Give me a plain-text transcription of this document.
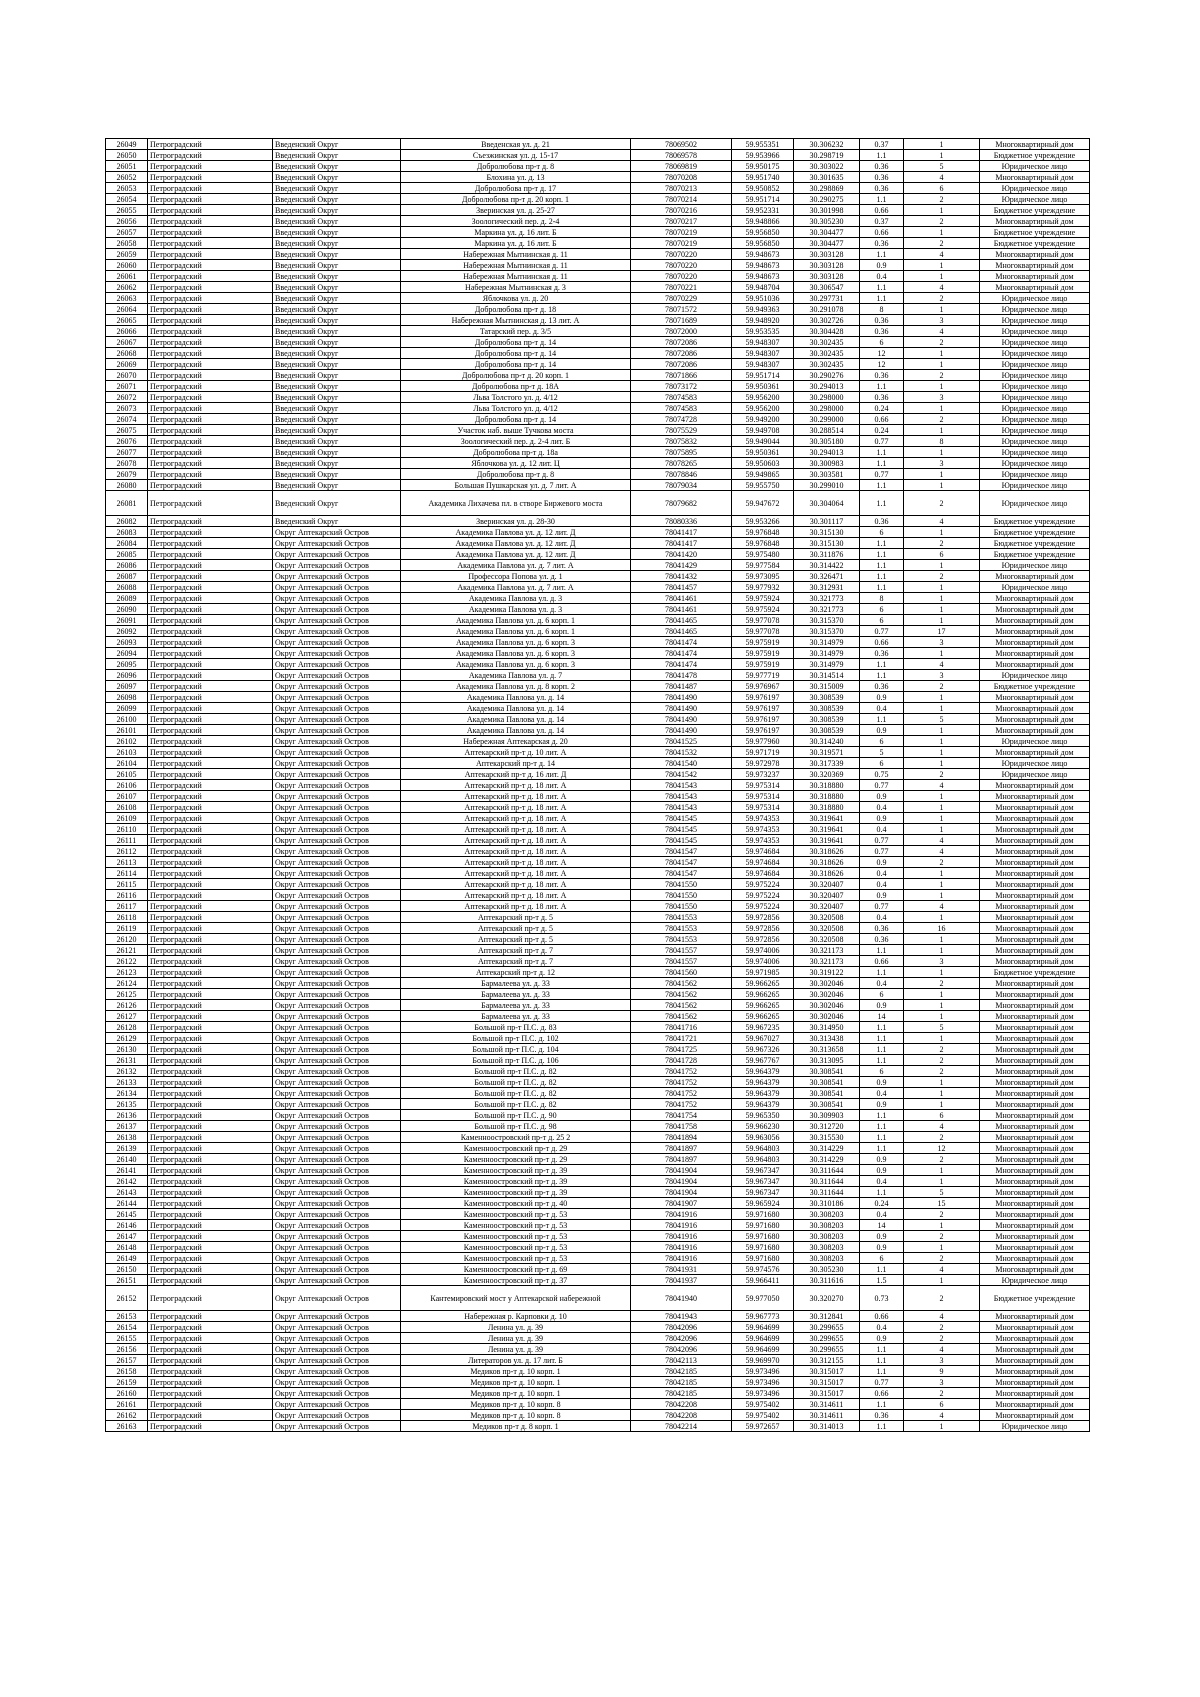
26049	Петроградский	Введенский Округ	Введенская ул. д. 21	78069502	59.955351	30.306232	0.37	1	Многоквартирный дом
26050	Петроградский	Введенский Округ	Съезжинская ул. д. 15-17	78069578	59.953966	30.298719	1.1	1	Бюджетное учреждение
26051	Петроградский	Введенский Округ	Добролюбова пр-т д. 8	78069819	59.950175	30.303022	0.36	5	Юридическое лицо
26052	Петроградский	Введенский Округ	Блохина ул. д. 13	78070208	59.951740	30.301635	0.36	4	Многоквартирный дом
26053	Петроградский	Введенский Округ	Добролюбова пр-т д. 17	78070213	59.950852	30.298869	0.36	6	Юридическое лицо
26054	Петроградский	Введенский Округ	Добролюбова пр-т д. 20 корп. 1	78070214	59.951714	30.290275	1.1	2	Юридическое лицо
26055	Петроградский	Введенский Округ	Зверинская ул. д. 25-27	78070216	59.952331	30.301998	0.66	1	Бюджетное учреждение
26056	Петроградский	Введенский Округ	Зоологический пер. д. 2-4	78070217	59.948866	30.305230	0.37	2	Многоквартирный дом
26057	Петроградский	Введенский Округ	Маркина ул. д. 16 лит. Б	78070219	59.956850	30.304477	0.66	1	Бюджетное учреждение
26058	Петроградский	Введенский Округ	Маркина ул. д. 16 лит. Б	78070219	59.956850	30.304477	0.36	2	Бюджетное учреждение
26059	Петроградский	Введенский Округ	Набережная Мытнинская д. 11	78070220	59.948673	30.303128	1.1	4	Многоквартирный дом
26060	Петроградский	Введенский Округ	Набережная Мытнинская д. 11	78070220	59.948673	30.303128	0.9	1	Многоквартирный дом
26061	Петроградский	Введенский Округ	Набережная Мытнинская д. 11	78070220	59.948673	30.303128	0.4	1	Многоквартирный дом
26062	Петроградский	Введенский Округ	Набережная Мытнинская д. 3	78070221	59.948704	30.306547	1.1	4	Многоквартирный дом
26063	Петроградский	Введенский Округ	Яблочкова ул. д. 20	78070229	59.951036	30.297731	1.1	2	Юридическое лицо
26064	Петроградский	Введенский Округ	Добролюбова пр-т д. 18	78071572	59.949363	30.291078	8	1	Юридическое лицо
26065	Петроградский	Введенский Округ	Набережная Мытнинская д. 13 лит. А	78071689	59.948920	30.302726	0.36	3	Юридическое лицо
26066	Петроградский	Введенский Округ	Татарский пер. д. 3/5	78072000	59.953535	30.304428	0.36	4	Юридическое лицо
26067	Петроградский	Введенский Округ	Добролюбова пр-т д. 14	78072086	59.948307	30.302435	6	2	Юридическое лицо
26068	Петроградский	Введенский Округ	Добролюбова пр-т д. 14	78072086	59.948307	30.302435	12	1	Юридическое лицо
26069	Петроградский	Введенский Округ	Добролюбова пр-т д. 14	78072086	59.948307	30.302435	12	1	Юридическое лицо
26070	Петроградский	Введенский Округ	Добролюбова пр-т д. 20 корп. 1	78071866	59.951714	30.290276	0.36	2	Юридическое лицо
26071	Петроградский	Введенский Округ	Добролюбова пр-т д. 18А	78073172	59.950361	30.294013	1.1	1	Юридическое лицо
26072	Петроградский	Введенский Округ	Льва Толстого ул. д. 4/12	78074583	59.956200	30.298000	0.36	3	Юридическое лицо
26073	Петроградский	Введенский Округ	Льва Толстого ул. д. 4/12	78074583	59.956200	30.298000	0.24	1	Юридическое лицо
26074	Петроградский	Введенский Округ	Добролюбова пр-т д. 14	78074728	59.949200	30.299000	0.66	2	Юридическое лицо
26075	Петроградский	Введенский Округ	Участок наб. выше Тучкова моста	78075529	59.949708	30.288514	0.24	1	Юридическое лицо
26076	Петроградский	Введенский Округ	Зоологический пер. д. 2-4 лит. Б	78075832	59.949044	30.305180	0.77	8	Юридическое лицо
26077	Петроградский	Введенский Округ	Добролюбова пр-т д. 18а	78075895	59.950361	30.294013	1.1	1	Юридическое лицо
26078	Петроградский	Введенский Округ	Яблочкова ул. д. 12 лит. Ц	78078265	59.950603	30.300983	1.1	3	Юридическое лицо
26079	Петроградский	Введенский Округ	Добролюбова пр-т д. 8	78078846	59.949865	30.303581	0.77	1	Юридическое лицо
26080	Петроградский	Введенский Округ	Большая Пушкарская ул. д. 7 лит. А	78079034	59.955750	30.299010	1.1	1	Юридическое лицо
26081	Петроградский	Введенский Округ	Академика Лихачева пл. в створе Биржевого моста	78079682	59.947672	30.304064	1.1	2	Юридическое лицо
26082	Петроградский	Введенский Округ	Зверинская ул. д. 28-30	78080336	59.953266	30.301117	0.36	4	Бюджетное учреждение
26083	Петроградский	Округ Аптекарский Остров	Академика Павлова ул. д. 12 лит. Д	78041417	59.976848	30.315130	6	1	Бюджетное учреждение
26084	Петроградский	Округ Аптекарский Остров	Академика Павлова ул. д. 12 лит. Д	78041417	59.976848	30.315130	1.1	2	Бюджетное учреждение
26085	Петроградский	Округ Аптекарский Остров	Академика Павлова ул. д. 12 лит. Д	78041420	59.975480	30.311876	1.1	6	Бюджетное учреждение
26086	Петроградский	Округ Аптекарский Остров	Академика Павлова ул. д. 7 лит. А	78041429	59.977584	30.314422	1.1	1	Юридическое лицо
26087	Петроградский	Округ Аптекарский Остров	Профессора Попова ул. д. 1	78041432	59.973095	30.326471	1.1	2	Многоквартирный дом
26088	Петроградский	Округ Аптекарский Остров	Академика Павлова ул. д. 7 лит. А	78041457	59.977932	30.312931	1.1	1	Юридическое лицо
26089	Петроградский	Округ Аптекарский Остров	Академика Павлова ул. д. 3	78041461	59.975924	30.321773	8	1	Многоквартирный дом
26090	Петроградский	Округ Аптекарский Остров	Академика Павлова ул. д. 3	78041461	59.975924	30.321773	6	1	Многоквартирный дом
26091	Петроградский	Округ Аптекарский Остров	Академика Павлова ул. д. 6 корп. 1	78041465	59.977078	30.315370	6	1	Многоквартирный дом
26092	Петроградский	Округ Аптекарский Остров	Академика Павлова ул. д. 6 корп. 1	78041465	59.977078	30.315370	0.77	17	Многоквартирный дом
26093	Петроградский	Округ Аптекарский Остров	Академика Павлова ул. д. 6 корп. 3	78041474	59.975919	30.314979	0.66	3	Многоквартирный дом
26094	Петроградский	Округ Аптекарский Остров	Академика Павлова ул. д. 6 корп. 3	78041474	59.975919	30.314979	0.36	1	Многоквартирный дом
26095	Петроградский	Округ Аптекарский Остров	Академика Павлова ул. д. 6 корп. 3	78041474	59.975919	30.314979	1.1	4	Многоквартирный дом
26096	Петроградский	Округ Аптекарский Остров	Академика Павлова ул. д. 7	78041478	59.977719	30.314514	1.1	3	Юридическое лицо
26097	Петроградский	Округ Аптекарский Остров	Академика Павлова ул. д. 8 корп. 2	78041487	59.976967	30.315009	0.36	2	Бюджетное учреждение
26098	Петроградский	Округ Аптекарский Остров	Академика Павлова ул. д. 14	78041490	59.976197	30.308539	0.9	1	Многоквартирный дом
26099	Петроградский	Округ Аптекарский Остров	Академика Павлова ул. д. 14	78041490	59.976197	30.308539	0.4	1	Многоквартирный дом
26100	Петроградский	Округ Аптекарский Остров	Академика Павлова ул. д. 14	78041490	59.976197	30.308539	1.1	5	Многоквартирный дом
26101	Петроградский	Округ Аптекарский Остров	Академика Павлова ул. д. 14	78041490	59.976197	30.308539	0.9	1	Многоквартирный дом
26102	Петроградский	Округ Аптекарский Остров	Набережная Аптекарская д. 20	78041525	59.977960	30.314240	6	1	Юридическое лицо
26103	Петроградский	Округ Аптекарский Остров	Аптекарский пр-т д. 10 лит. А	78041532	59.971719	30.319571	5	1	Многоквартирный дом
26104	Петроградский	Округ Аптекарский Остров	Аптекарский пр-т д. 14	78041540	59.972978	30.317339	6	1	Юридическое лицо
26105	Петроградский	Округ Аптекарский Остров	Аптекарский пр-т д. 16 лит. Д	78041542	59.973237	30.320369	0.75	2	Юридическое лицо
26106	Петроградский	Округ Аптекарский Остров	Аптекарский пр-т д. 18 лит. А	78041543	59.975314	30.318880	0.77	4	Многоквартирный дом
26107	Петроградский	Округ Аптекарский Остров	Аптекарский пр-т д. 18 лит. А	78041543	59.975314	30.318880	0.9	1	Многоквартирный дом
26108	Петроградский	Округ Аптекарский Остров	Аптекарский пр-т д. 18 лит. А	78041543	59.975314	30.318880	0.4	1	Многоквартирный дом
26109	Петроградский	Округ Аптекарский Остров	Аптекарский пр-т д. 18 лит. А	78041545	59.974353	30.319641	0.9	1	Многоквартирный дом
26110	Петроградский	Округ Аптекарский Остров	Аптекарский пр-т д. 18 лит. А	78041545	59.974353	30.319641	0.4	1	Многоквартирный дом
26111	Петроградский	Округ Аптекарский Остров	Аптекарский пр-т д. 18 лит. А	78041545	59.974353	30.319641	0.77	4	Многоквартирный дом
26112	Петроградский	Округ Аптекарский Остров	Аптекарский пр-т д. 18 лит. А	78041547	59.974684	30.318626	0.77	4	Многоквартирный дом
26113	Петроградский	Округ Аптекарский Остров	Аптекарский пр-т д. 18 лит. А	78041547	59.974684	30.318626	0.9	2	Многоквартирный дом
26114	Петроградский	Округ Аптекарский Остров	Аптекарский пр-т д. 18 лит. А	78041547	59.974684	30.318626	0.4	1	Многоквартирный дом
26115	Петроградский	Округ Аптекарский Остров	Аптекарский пр-т д. 18 лит. А	78041550	59.975224	30.320407	0.4	1	Многоквартирный дом
26116	Петроградский	Округ Аптекарский Остров	Аптекарский пр-т д. 18 лит. А	78041550	59.975224	30.320407	0.9	1	Многоквартирный дом
26117	Петроградский	Округ Аптекарский Остров	Аптекарский пр-т д. 18 лит. А	78041550	59.975224	30.320407	0.77	4	Многоквартирный дом
26118	Петроградский	Округ Аптекарский Остров	Аптекарский пр-т д. 5	78041553	59.972856	30.320508	0.4	1	Многоквартирный дом
26119	Петроградский	Округ Аптекарский Остров	Аптекарский пр-т д. 5	78041553	59.972856	30.320508	0.36	16	Многоквартирный дом
26120	Петроградский	Округ Аптекарский Остров	Аптекарский пр-т д. 5	78041553	59.972856	30.320508	0.36	1	Многоквартирный дом
26121	Петроградский	Округ Аптекарский Остров	Аптекарский пр-т д. 7	78041557	59.974006	30.321173	1.1	1	Многоквартирный дом
26122	Петроградский	Округ Аптекарский Остров	Аптекарский пр-т д. 7	78041557	59.974006	30.321173	0.66	3	Многоквартирный дом
26123	Петроградский	Округ Аптекарский Остров	Аптекарский пр-т д. 12	78041560	59.971985	30.319122	1.1	1	Бюджетное учреждение
26124	Петроградский	Округ Аптекарский Остров	Бармалеева ул. д. 33	78041562	59.966265	30.302046	0.4	2	Многоквартирный дом
26125	Петроградский	Округ Аптекарский Остров	Бармалеева ул. д. 33	78041562	59.966265	30.302046	6	1	Многоквартирный дом
26126	Петроградский	Округ Аптекарский Остров	Бармалеева ул. д. 33	78041562	59.966265	30.302046	0.9	1	Многоквартирный дом
26127	Петроградский	Округ Аптекарский Остров	Бармалеева ул. д. 33	78041562	59.966265	30.302046	14	1	Многоквартирный дом
26128	Петроградский	Округ Аптекарский Остров	Большой пр-т П.С. д. 83	78041716	59.967235	30.314950	1.1	5	Многоквартирный дом
26129	Петроградский	Округ Аптекарский Остров	Большой пр-т П.С. д. 102	78041721	59.967027	30.313438	1.1	1	Многоквартирный дом
26130	Петроградский	Округ Аптекарский Остров	Большой пр-т П.С. д. 104	78041725	59.967326	30.313658	1.1	2	Многоквартирный дом
26131	Петроградский	Округ Аптекарский Остров	Большой пр-т П.С. д. 106	78041728	59.967767	30.313095	1.1	2	Многоквартирный дом
26132	Петроградский	Округ Аптекарский Остров	Большой пр-т П.С. д. 82	78041752	59.964379	30.308541	6	2	Многоквартирный дом
26133	Петроградский	Округ Аптекарский Остров	Большой пр-т П.С. д. 82	78041752	59.964379	30.308541	0.9	1	Многоквартирный дом
26134	Петроградский	Округ Аптекарский Остров	Большой пр-т П.С. д. 82	78041752	59.964379	30.308541	0.4	1	Многоквартирный дом
26135	Петроградский	Округ Аптекарский Остров	Большой пр-т П.С. д. 82	78041752	59.964379	30.308541	0.9	1	Многоквартирный дом
26136	Петроградский	Округ Аптекарский Остров	Большой пр-т П.С. д. 90	78041754	59.965350	30.309903	1.1	6	Многоквартирный дом
26137	Петроградский	Округ Аптекарский Остров	Большой пр-т П.С. д. 98	78041758	59.966230	30.312720	1.1	4	Многоквартирный дом
26138	Петроградский	Округ Аптекарский Остров	Каменноостровский пр-т д. 25 2	78041894	59.963056	30.315530	1.1	2	Многоквартирный дом
26139	Петроградский	Округ Аптекарский Остров	Каменноостровский пр-т д. 29	78041897	59.964803	30.314229	1.1	12	Многоквартирный дом
26140	Петроградский	Округ Аптекарский Остров	Каменноостровский пр-т д. 29	78041897	59.964803	30.314229	0.9	2	Многоквартирный дом
26141	Петроградский	Округ Аптекарский Остров	Каменноостровский пр-т д. 39	78041904	59.967347	30.311644	0.9	1	Многоквартирный дом
26142	Петроградский	Округ Аптекарский Остров	Каменноостровский пр-т д. 39	78041904	59.967347	30.311644	0.4	1	Многоквартирный дом
26143	Петроградский	Округ Аптекарский Остров	Каменноостровский пр-т д. 39	78041904	59.967347	30.311644	1.1	5	Многоквартирный дом
26144	Петроградский	Округ Аптекарский Остров	Каменноостровский пр-т д. 40	78041907	59.965924	30.310186	0.24	15	Многоквартирный дом
26145	Петроградский	Округ Аптекарский Остров	Каменноостровский пр-т д. 53	78041916	59.971680	30.308203	0.4	2	Многоквартирный дом
26146	Петроградский	Округ Аптекарский Остров	Каменноостровский пр-т д. 53	78041916	59.971680	30.308203	14	1	Многоквартирный дом
26147	Петроградский	Округ Аптекарский Остров	Каменноостровский пр-т д. 53	78041916	59.971680	30.308203	0.9	2	Многоквартирный дом
26148	Петроградский	Округ Аптекарский Остров	Каменноостровский пр-т д. 53	78041916	59.971680	30.308203	0.9	1	Многоквартирный дом
26149	Петроградский	Округ Аптекарский Остров	Каменноостровский пр-т д. 53	78041916	59.971680	30.308203	6	2	Многоквартирный дом
26150	Петроградский	Округ Аптекарский Остров	Каменноостровский пр-т д. 69	78041931	59.974576	30.305230	1.1	4	Многоквартирный дом
26151	Петроградский	Округ Аптекарский Остров	Каменноостровский пр-т д. 37	78041937	59.966411	30.311616	1.5	1	Юридическое лицо
26152	Петроградский	Округ Аптекарский Остров	Кантемировский мост у Аптекарской набережной	78041940	59.977050	30.320270	0.73	2	Бюджетное учреждение
26153	Петроградский	Округ Аптекарский Остров	Набережная р. Карповки д. 10	78041943	59.967773	30.312841	0.66	4	Многоквартирный дом
26154	Петроградский	Округ Аптекарский Остров	Ленина ул. д. 39	78042096	59.964699	30.299655	0.4	2	Многоквартирный дом
26155	Петроградский	Округ Аптекарский Остров	Ленина ул. д. 39	78042096	59.964699	30.299655	0.9	2	Многоквартирный дом
26156	Петроградский	Округ Аптекарский Остров	Ленина ул. д. 39	78042096	59.964699	30.299655	1.1	4	Многоквартирный дом
26157	Петроградский	Округ Аптекарский Остров	Литераторов ул. д. 17 лит. Б	78042113	59.969970	30.312155	1.1	3	Многоквартирный дом
26158	Петроградский	Округ Аптекарский Остров	Медиков пр-т д. 10 корп. 1	78042185	59.973496	30.315017	1.1	9	Многоквартирный дом
26159	Петроградский	Округ Аптекарский Остров	Медиков пр-т д. 10 корп. 1	78042185	59.973496	30.315017	0.77	3	Многоквартирный дом
26160	Петроградский	Округ Аптекарский Остров	Медиков пр-т д. 10 корп. 1	78042185	59.973496	30.315017	0.66	2	Многоквартирный дом
26161	Петроградский	Округ Аптекарский Остров	Медиков пр-т д. 10 корп. 8	78042208	59.975402	30.314611	1.1	6	Многоквартирный дом
26162	Петроградский	Округ Аптекарский Остров	Медиков пр-т д. 10 корп. 8	78042208	59.975402	30.314611	0.36	4	Многоквартирный дом
26163	Петроградский	Округ Аптекарский Остров	Медиков пр-т д. 8 корп. 1	78042214	59.972657	30.314013	1.1	1	Юридическое лицо
